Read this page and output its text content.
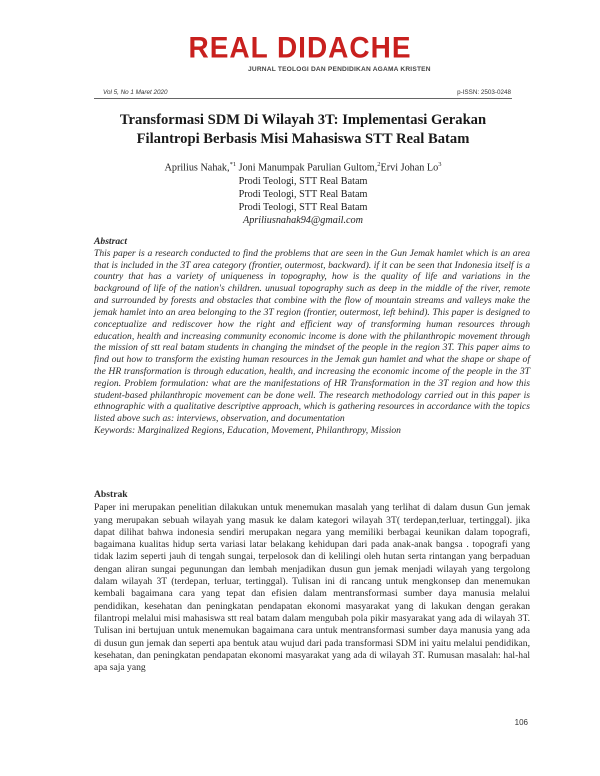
REAL DIDACHE
JURNAL TEOLOGI DAN PENDIDIKAN AGAMA KRISTEN
Vol 5, No 1 Maret 2020	p-ISSN: 2503-0248
Transformasi SDM Di Wilayah 3T: Implementasi Gerakan Filantropi Berbasis Misi Mahasiswa STT Real Batam
Aprilius Nahak,$^{*1}$ Joni Manumpak Parulian Gultom,$^2$Ervi Johan Lo$^3$
Prodi Teologi, STT Real Batam
Prodi Teologi, STT Real Batam
Prodi Teologi, STT Real Batam
Apriliusnahak94@gmail.com
Abstract
This paper is a research conducted to find the problems that are seen in the Gun Jemak hamlet which is an area that is included in the 3T area category (frontier, outermost, backward). if it can be seen that Indonesia itself is a country that has a variety of uniqueness in topography, how is the quality of life and variations in the background of life of the nation's children. unusual topography such as deep in the middle of the river, remote and surrounded by forests and obstacles that combine with the flow of mountain streams and valleys make the jemak hamlet into an area belonging to the 3T region (frontier, outermost, left behind). This paper is designed to conceptualize and rediscover how the right and efficient way of transforming human resources through education, health and increasing community economic income is done with the philanthropic movement through the mission of stt real batam students in changing the mindset of the people in the region 3T. This paper aims to find out how to transform the existing human resources in the Jemak gun hamlet and what the shape or shape of the HR transformation is through education, health, and increasing the economic income of the people in the 3T region. Problem formulation: what are the manifestations of HR Transformation in the 3T region and how this student-based philanthropic movement can be done well. The research methodology carried out in this paper is ethnographic with a qualitative descriptive approach, which is gathering resources in accordance with the topics listed above such as: interviews, observation, and documentation
Keywords: Marginalized Regions, Education, Movement, Philanthropy, Mission
Abstrak
Paper ini merupakan penelitian dilakukan untuk menemukan masalah yang terlihat di dalam dusun Gun jemak yang merupakan sebuah wilayah yang masuk ke dalam kategori wilayah 3T( terdepan,terluar, tertinggal). jika dapat dilihat bahwa indonesia sendiri merupakan negara yang memiliki berbagai keunikan dalam topografi, bagaimana kualitas hidup serta variasi latar belakang kehidupan dari pada anak-anak bangsa . topografi yang tidak lazim seperti jauh di tengah sungai, terpelosok dan di kelilingi oleh hutan serta rintangan yang berpaduan dengan aliran sungai pegunungan dan lembah menjadikan dusun gun jemak menjadi wilayah yang tergolong dalam wilayah 3T (terdepan, terluar, tertinggal). Tulisan ini di rancang untuk mengkonsep dan menemukan kembali bagaimana cara yang tepat dan efisien dalam mentransformasi sumber daya manusia melalui pendidikan, kesehatan dan peningkatan pendapatan ekonomi masyarakat yang di lakukan dengan gerakan filantropi melalui misi mahasiswa stt real batam dalam mengubah pola pikir masyarakat yang ada di wilayah 3T. Tulisan ini bertujuan untuk menemukan bagaimana cara untuk mentransformasi sumber daya manusia yang ada di dusun gun jemak dan seperti apa bentuk atau wujud dari pada transformasi SDM ini yaitu melalui pendidikan, kesehatan, dan peningkatan pendapatan ekonomi masyarakat yang ada di wilayah 3T. Rumusan masalah: hal-hal apa saja yang
106
